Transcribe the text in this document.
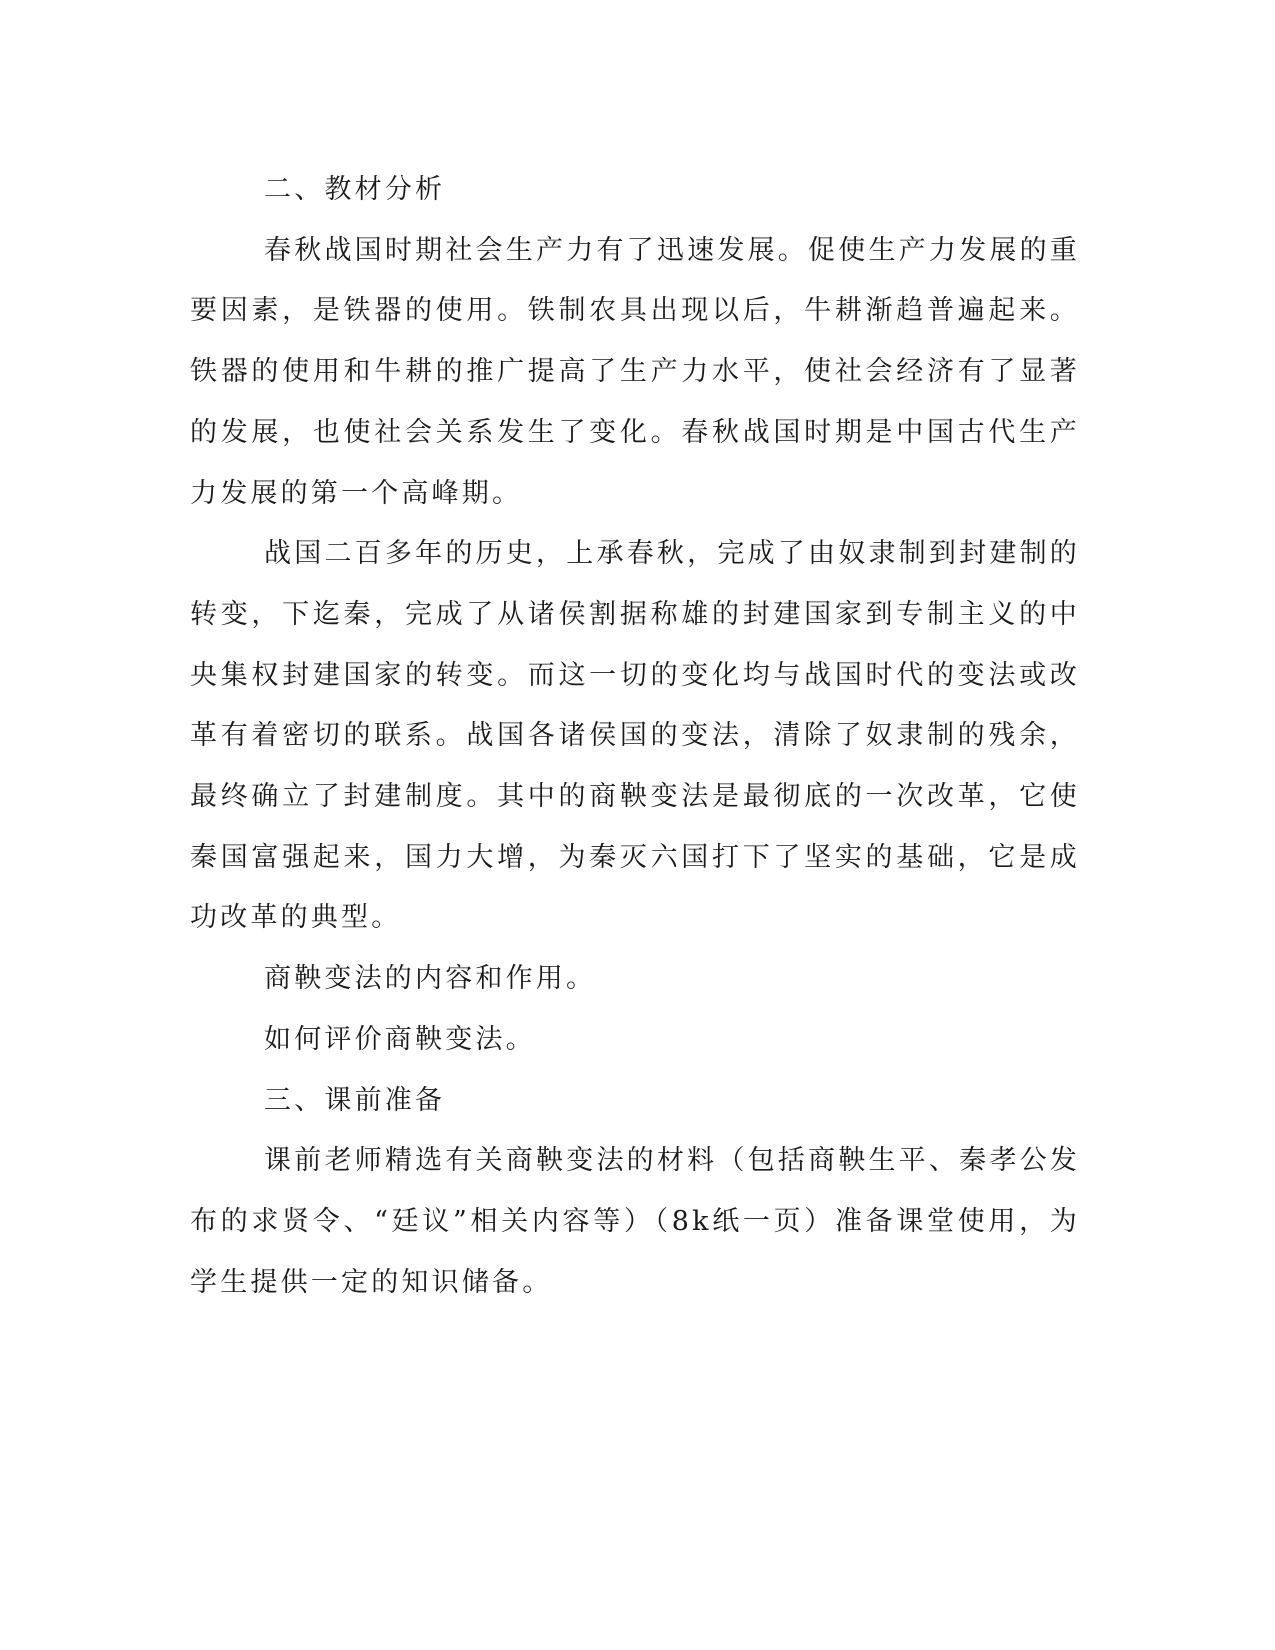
二、教材分析

春秋战国时期社会生产力有了迅速发展。促使生产力发展的重要因素，是铁器的使用。铁制农具出现以后，牛耕渐趋普遍起来。铁器的使用和牛耕的推广提高了生产力水平，使社会经济有了显著的发展，也使社会关系发生了变化。春秋战国时期是中国古代生产力发展的第一个高峰期。

战国二百多年的历史，上承春秋，完成了由奴隶制到封建制的转变，下迄秦，完成了从诸侯割据称雄的封建国家到专制主义的中央集权封建国家的转变。而这一切的变化均与战国时代的变法或改革有着密切的联系。战国各诸侯国的变法，清除了奴隶制的残余，最终确立了封建制度。其中的商鞅变法是最彻底的一次改革，它使秦国富强起来，国力大增，为秦灭六国打下了坚实的基础，它是成功改革的典型。

商鞅变法的内容和作用。

如何评价商鞅变法。

三、课前准备

课前老师精选有关商鞅变法的材料（包括商鞅生平、秦孝公发布的求贤令、“廷议”相关内容等）（8k纸一页）准备课堂使用，为学生提供一定的知识储备。
